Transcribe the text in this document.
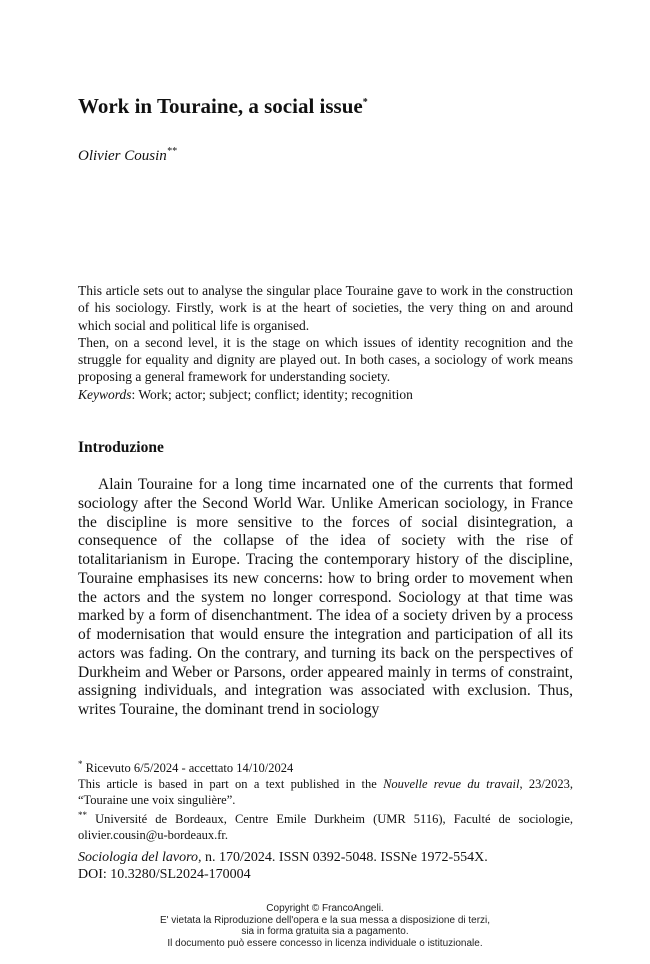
Work in Touraine, a social issue*

Olivier Cousin**

This article sets out to analyse the singular place Touraine gave to work in the construction of his sociology. Firstly, work is at the heart of societies, the very thing on and around which social and political life is organised.

Then, on a second level, it is the stage on which issues of identity recognition and the struggle for equality and dignity are played out. In both cases, a sociology of work means proposing a general framework for understanding society.

Keywords: Work; actor; subject; conflict; identity; recognition

Introduzione

Alain Touraine for a long time incarnated one of the currents that formed sociology after the Second World War. Unlike American sociology, in France the discipline is more sensitive to the forces of social disintegration, a consequence of the collapse of the idea of society with the rise of totalitarianism in Europe. Tracing the contemporary history of the discipline, Touraine emphasises its new concerns: how to bring order to movement when the actors and the system no longer correspond. Sociology at that time was marked by a form of disenchantment. The idea of a society driven by a process of modernisation that would ensure the integration and participation of all its actors was fading. On the contrary, and turning its back on the perspectives of Durkheim and Weber or Parsons, order appeared mainly in terms of constraint, assigning individuals, and integration was associated with exclusion. Thus, writes Touraine, the dominant trend in sociology

* Ricevuto 6/5/2024 - accettato 14/10/2024

This article is based in part on a text published in the Nouvelle revue du travail, 23/2023, “Touraine une voix singulière”.

** Université de Bordeaux, Centre Emile Durkheim (UMR 5116), Faculté de sociologie, olivier.cousin@u-bordeaux.fr.

Sociologia del lavoro, n. 170/2024. ISSN 0392-5048. ISSNe 1972-554X.

DOI: 10.3280/SL2024-170004

Copyright © FrancoAngeli.

E' vietata la Riproduzione dell'opera e la sua messa a disposizione di terzi,

sia in forma gratuita sia a pagamento.

Il documento può essere concesso in licenza individuale o istituzionale.
